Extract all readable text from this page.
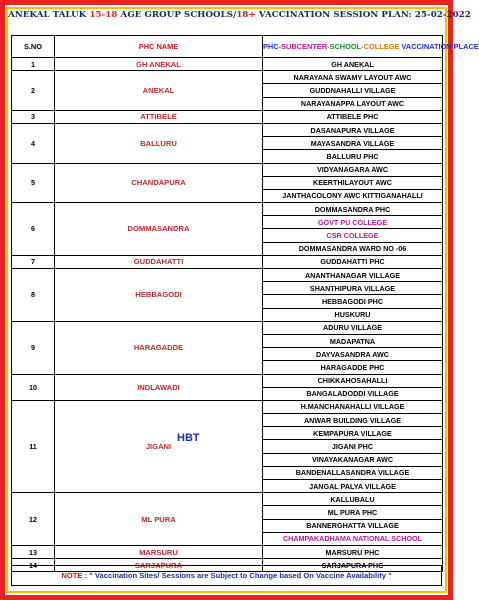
ANEKAL TALUK 15-18 AGE GROUP SCHOOLS/18+ VACCINATION SESSION PLAN: 25-02-2022
S.NO	PHC NAME	PHC-SUBCENTER-SCHOOL-COLLEGE VACCINATION PLACE
1	GH ANEKAL	GH ANEKAL
2	ANEKAL	NARAYANA SWAMY LAYOUT AWC
		GUDDNAHALLI VILLAGE
		NARAYANAPPA LAYOUT AWC
3	ATTIBELE	ATTIBELE PHC
4	BALLURU	DASANAPURA VILLAGE
		MAYASANDRA VILLAGE
		BALLURU PHC
5	CHANDAPURA	VIDYANAGARA AWC
		KEERTHILAYOUT AWC
		JANTHACOLONY AWC KITTIGANAHALLI
6	DOMMASANDRA	DOMMASANDRA PHC
		GOVT PU COLLEGE
		CSR COLLEGE
		DOMMASANDRA WARD NO -06
7	GUDDAHATTI	GUDDAHATTI PHC
8	HEBBAGODI	ANANTHANAGAR VILLAGE
		SHANTHIPURA VILLAGE
		HEBBAGODI PHC
		HUSKURU
9	HARAGADDE	ADURU VILLAGE
		MADAPATNA
		DAYVASANDRA AWC
		HARAGADDE PHC
10	INDLAWADI	CHIKKAHOSAHALLI
		BANGALADODDI VILLAGE
11	JIGANI	H.MANCHANAHALLI VILLAGE
		ANWAR BUILDING VILLAGE
		KEMPAPURA VILLAGE
		JIGANI PHC
		VINAYAKANAGAR AWC
		BANDENALLASANDRA VILLAGE
		JANGAL PALYA VILLAGE
12	ML PURA	KALLUBALU
		ML PURA PHC
		BANNERGHATTA VILLAGE
		CHAMPAKADHAMA NATIONAL SCHOOL
13	MARSURU	MARSURU PHC
14	SARJAPURA	SARJAPURA PHC
HBT
NOTE : " Vaccination Sites/ Sessions are Subject to Change based On Vaccine Availability "
